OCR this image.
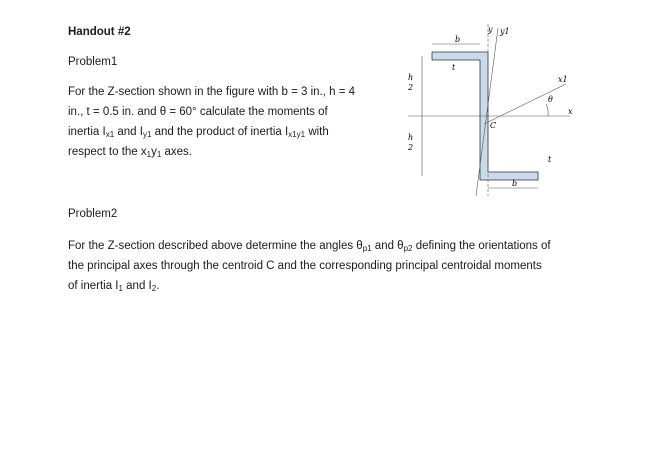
Handout #2
Problem1
For the Z-section shown in the figure with b = 3 in., h = 4
in., t = 0.5 in. and θ = 60° calculate the moments of
inertia $I_{x1}$ and $I_{y1}$ and the product of inertia $I_{x1y1}$ with
respect to the $x_1y_1$ axes.
y1
y
b
b
t
t
h
2
h
2
C
θ
x1
x
Problem2
For the Z-section described above determine the angles $\theta_{p1}$ and $\theta_{p2}$ defining the orientations of
the principal axes through the centroid C and the corresponding principal centroidal moments
of inertia $I_1$ and $I_2$.
